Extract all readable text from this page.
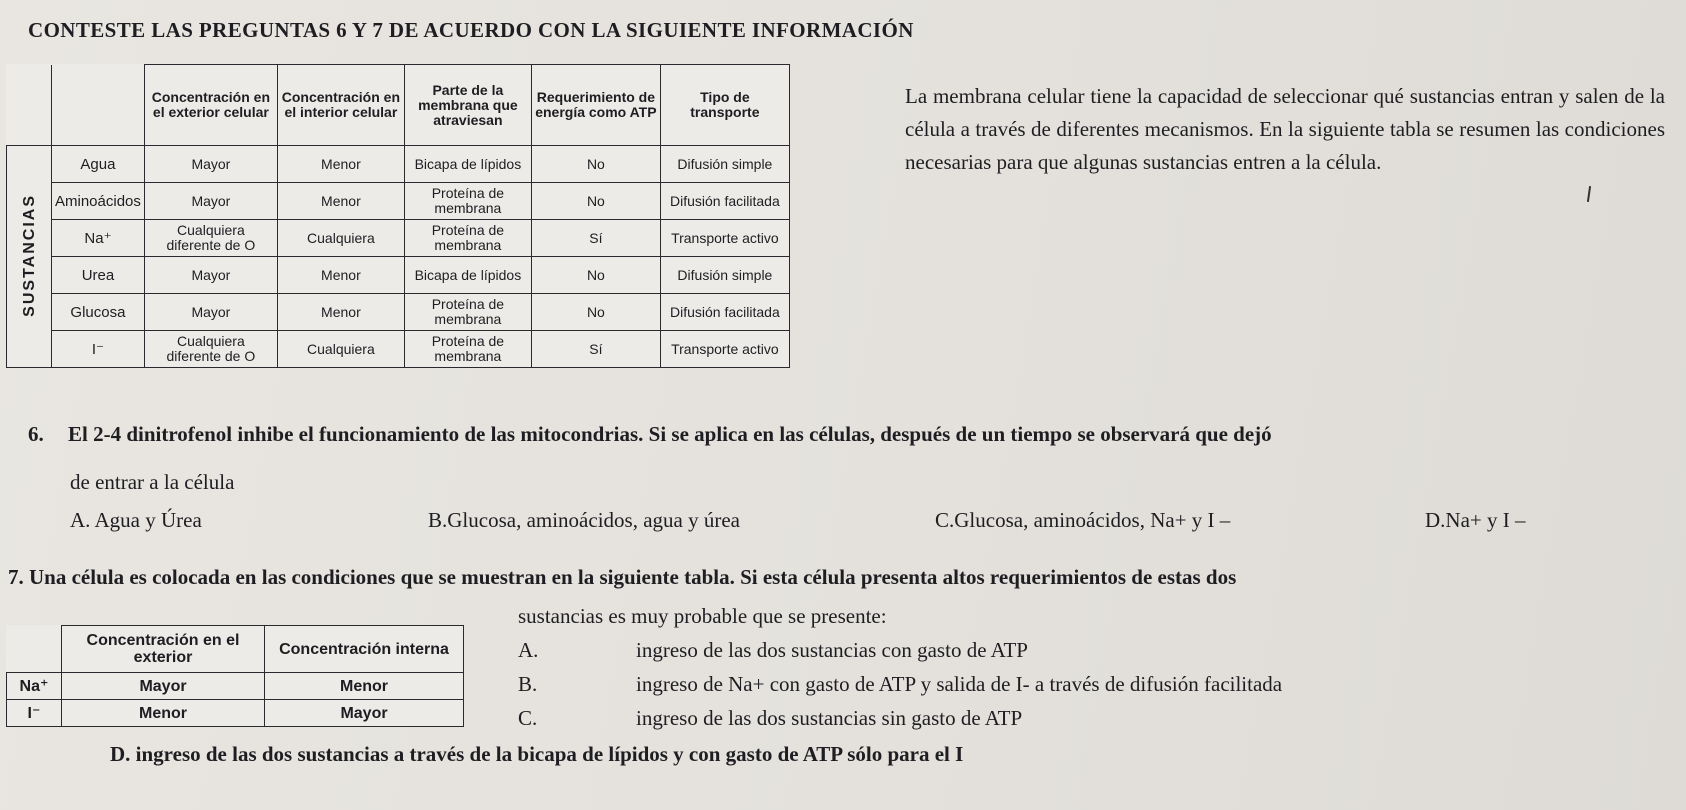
CONTESTE LAS PREGUNTAS 6 Y 7 DE ACUERDO CON LA SIGUIENTE INFORMACIÓN
		Concentración en el exterior celular	Concentración en el interior celular	Parte de la membrana que atraviesan	Requerimiento de energía como ATP	Tipo de transporte
SUSTANCIAS	Agua	Mayor	Menor	Bicapa de lípidos	No	Difusión simple
	Aminoácidos	Mayor	Menor	Proteína de membrana	No	Difusión facilitada
	Na⁺	Cualquiera diferente de O	Cualquiera	Proteína de membrana	Sí	Transporte activo
	Urea	Mayor	Menor	Bicapa de lípidos	No	Difusión simple
	Glucosa	Mayor	Menor	Proteína de membrana	No	Difusión facilitada
	I⁻	Cualquiera diferente de O	Cualquiera	Proteína de membrana	Sí	Transporte activo
La membrana celular tiene la capacidad de seleccionar qué sustancias entran y salen de la célula a través de diferentes mecanismos. En la siguiente tabla se resumen las condiciones necesarias para que algunas sustancias entren a la célula.
6. El 2-4 dinitrofenol inhibe el funcionamiento de las mitocondrias. Si se aplica en las células, después de un tiempo se observará que dejó
de entrar a la célula
A. Agua y Úrea	B.Glucosa, aminoácidos, agua y úrea	C.Glucosa, aminoácidos, Na+ y I –	D.Na+ y I –
7. Una célula es colocada en las condiciones que se muestran en la siguiente tabla. Si esta célula presenta altos requerimientos de estas dos
	Concentración en el exterior	Concentración interna
Na⁺	Mayor	Menor
I⁻	Menor	Mayor
sustancias es muy probable que se presente:
A.	ingreso de las dos sustancias con gasto de ATP
B.	ingreso de Na+ con gasto de ATP y salida de I- a través de difusión facilitada
C.	ingreso de las dos sustancias sin gasto de ATP
D. ingreso de las dos sustancias a través de la bicapa de lípidos y con gasto de ATP sólo para el I
